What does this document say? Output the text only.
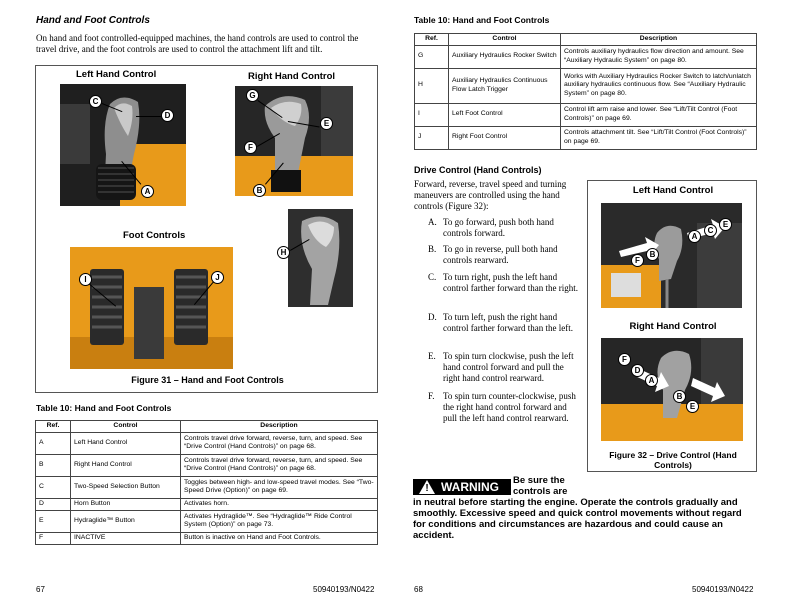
Hand and Foot Controls
On hand and foot controlled-equipped machines, the hand controls are used to control the travel drive, and the foot controls are used to control the attachment lift and tilt.
Left Hand Control	Right Hand Control
Foot Controls
C
D
A
G
E
F
B
H
I	J
Figure 31 – Hand and Foot Controls
Table 10: Hand and Foot Controls
Ref.	Control	Description
A	Left Hand Control	Controls travel drive forward, reverse, turn, and speed. See “Drive Control (Hand Controls)” on page 68.
B	Right Hand Control	Controls travel drive forward, reverse, turn, and speed. See “Drive Control (Hand Controls)” on page 68.
C	Two-Speed Selection Button	Toggles between high- and low-speed travel modes. See “Two-Speed Drive (Option)” on page 69.
D	Horn Button	Activates horn.
E	Hydraglide™ Button	Activates Hydraglide™. See “Hydraglide™ Ride Control System (Option)” on page 73.
F	INACTIVE	Button is inactive on Hand and Foot Controls.
67	50940193/N0422
Table 10: Hand and Foot Controls
Ref.	Control	Description
G	Auxiliary Hydraulics Rocker Switch	Controls auxiliary hydraulics flow direction and amount. See “Auxiliary Hydraulic System” on page 80.
H	Auxiliary Hydraulics Continuous Flow Latch Trigger	Works with Auxiliary Hydraulics Rocker Switch to latch/unlatch auxiliary hydraulics continuous flow. See “Auxiliary Hydraulic System” on page 80.
I	Left Foot Control	Control lift arm raise and lower. See “Lift/Tilt Control (Foot Controls)” on page 69.
J	Right Foot Control	Controls attachment tilt. See “Lift/Tilt Control (Foot Controls)” on page 69.
Drive Control (Hand Controls)
Forward, reverse, travel speed and turning maneuvers are controlled using the hand controls (Figure 32):
A. To go forward, push both hand controls forward.
B. To go in reverse, pull both hand controls rearward.
C. To turn right, push the left hand control farther forward than the right.
D. To turn left, push the right hand control farther forward than the left.
E. To spin turn clockwise, push the left hand control forward and pull the right hand control rearward.
F. To spin turn counter-clockwise, push the right hand control forward and pull the left hand control rearward.
Left Hand Control
Right Hand Control
Figure 32 – Drive Control (Hand Controls)
A
C
E
F
B
F
D
A
B
E
! WARNING	Be sure the controls are
in neutral before starting the engine. Operate the controls gradually and smoothly. Excessive speed and quick control movements without regard for conditions and circumstances are hazardous and could cause an accident.
68	50940193/N0422
